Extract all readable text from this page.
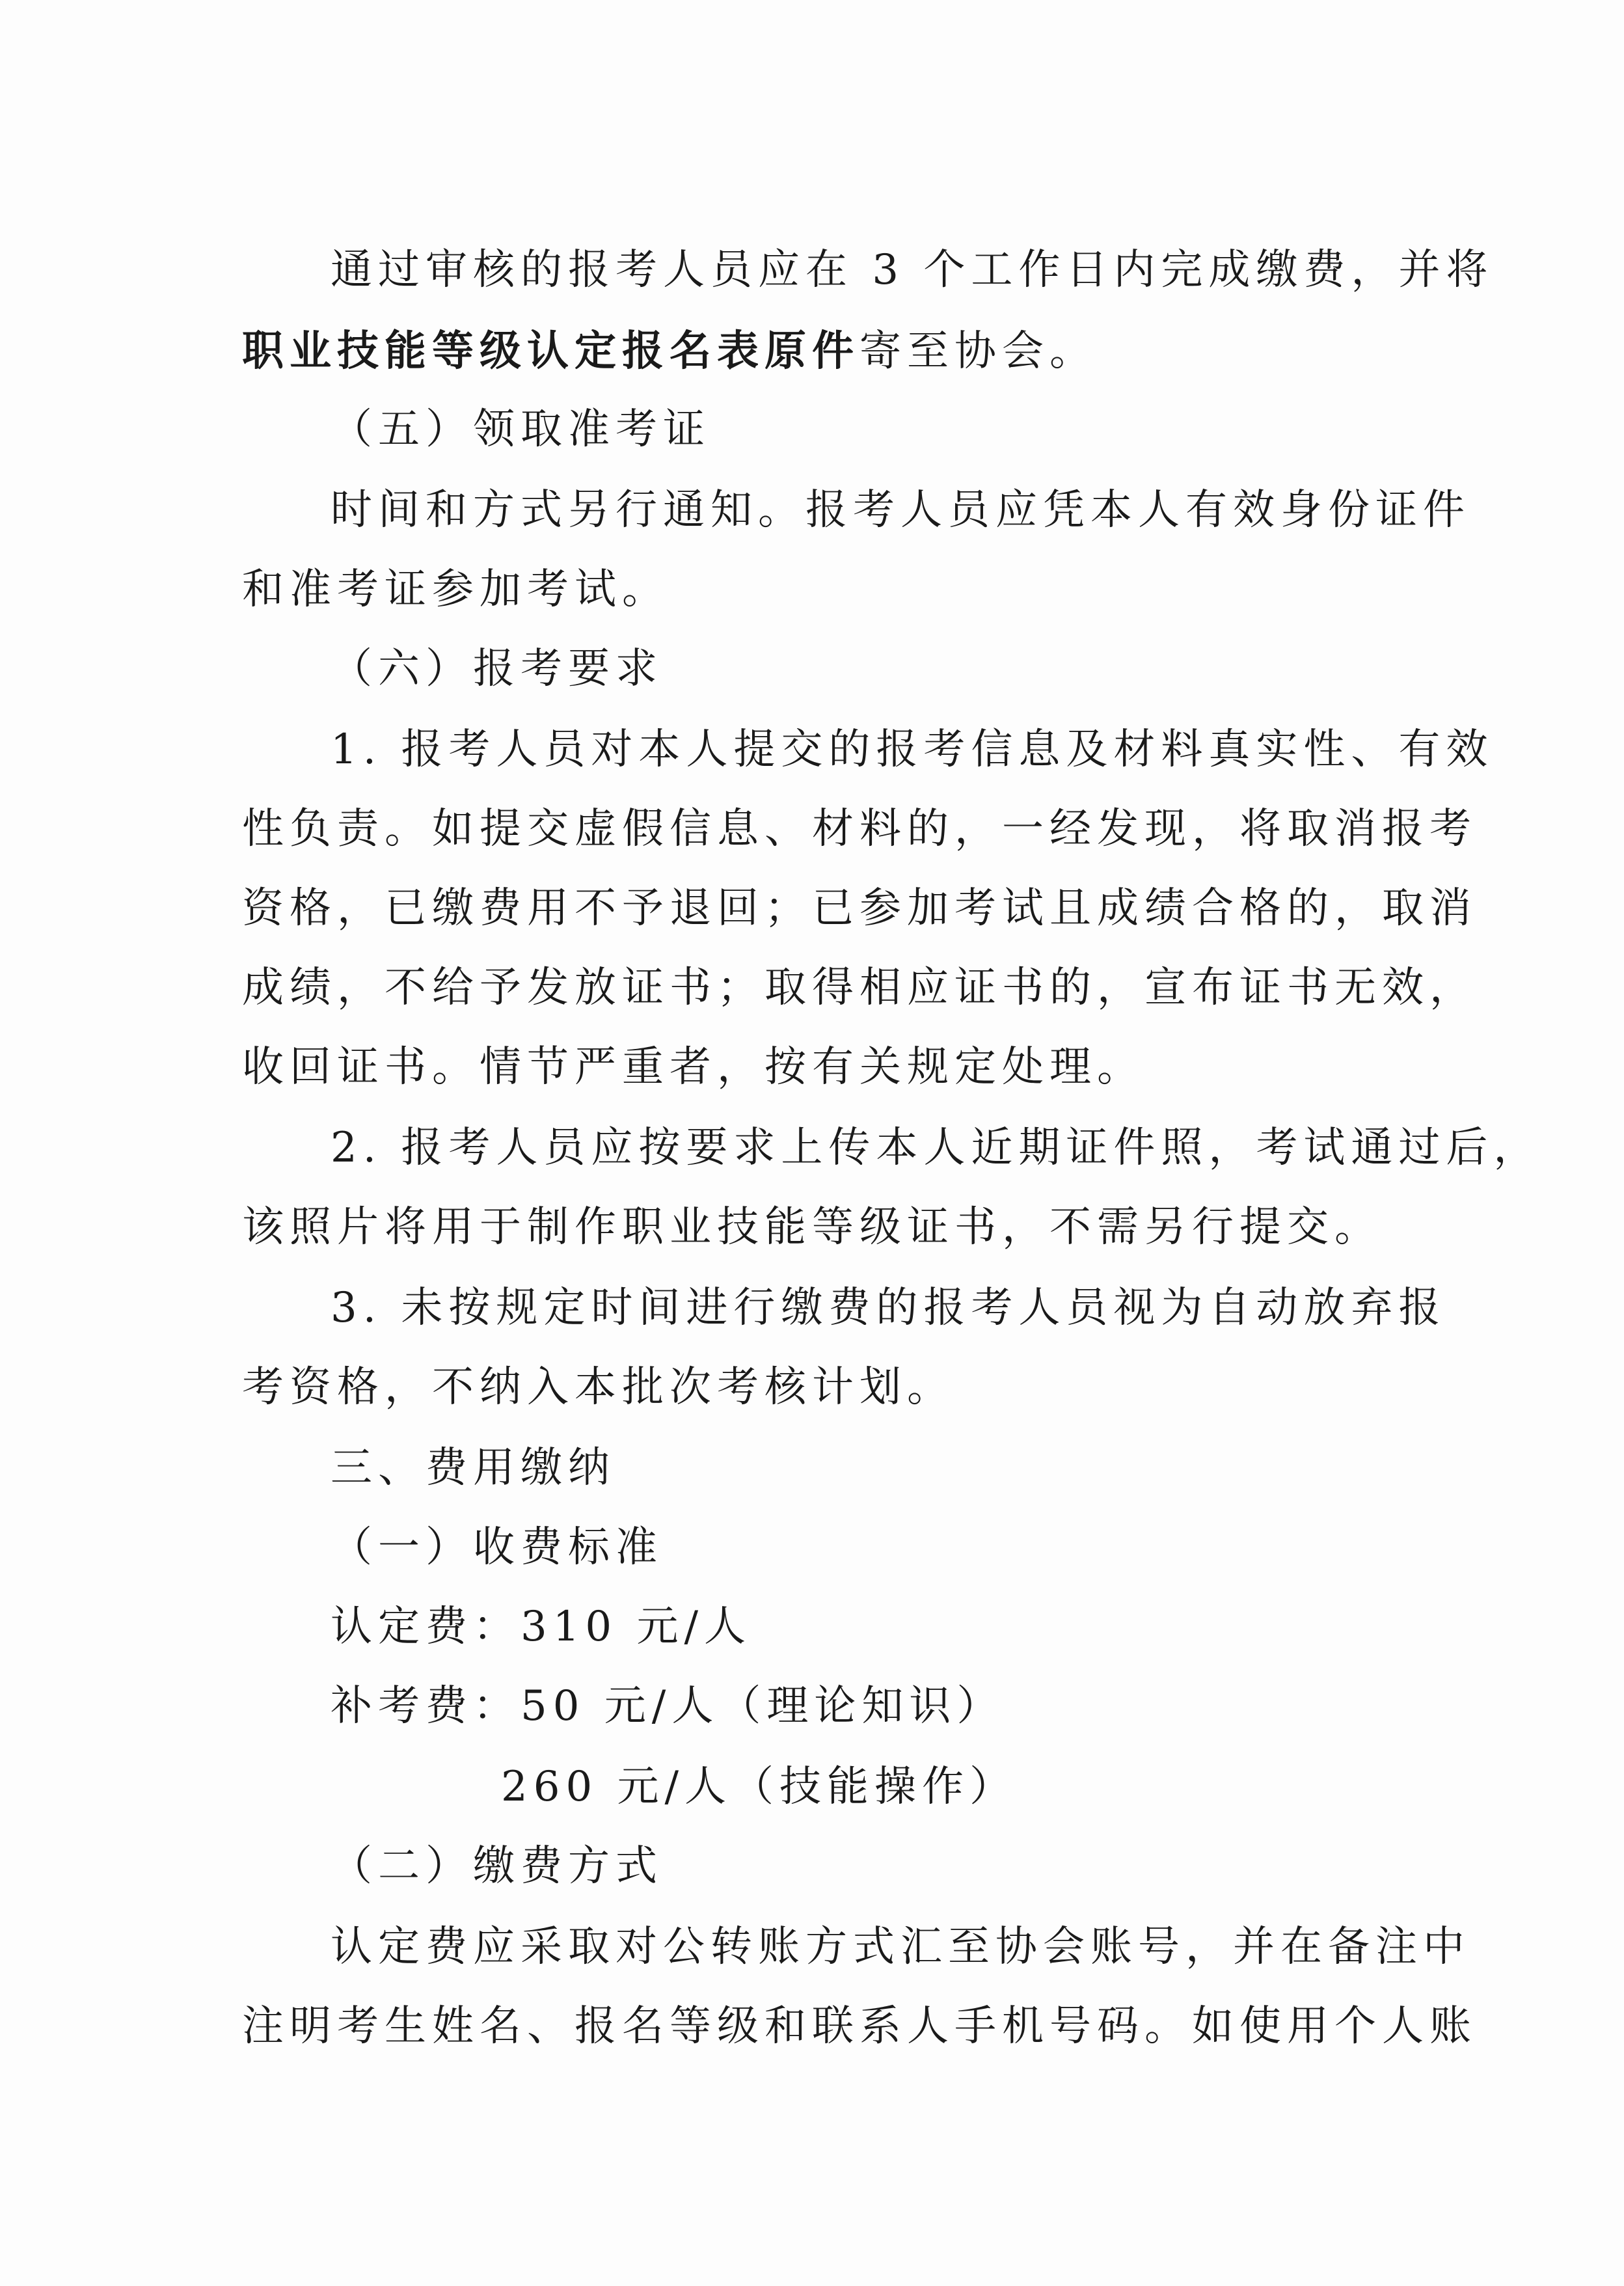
通过审核的报考人员应在 3 个工作日内完成缴费，并将
职业技能等级认定报名表原件寄至协会。
（五）领取准考证
时间和方式另行通知。报考人员应凭本人有效身份证件
和准考证参加考试。
（六）报考要求
1. 报考人员对本人提交的报考信息及材料真实性、有效
性负责。如提交虚假信息、材料的，一经发现，将取消报考
资格，已缴费用不予退回；已参加考试且成绩合格的，取消
成绩，不给予发放证书；取得相应证书的，宣布证书无效，
收回证书。情节严重者，按有关规定处理。
2. 报考人员应按要求上传本人近期证件照，考试通过后，
该照片将用于制作职业技能等级证书，不需另行提交。
3. 未按规定时间进行缴费的报考人员视为自动放弃报
考资格，不纳入本批次考核计划。
三、费用缴纳
（一）收费标准
认定费：310 元/人
补考费：50 元/人（理论知识）
260 元/人（技能操作）
（二）缴费方式
认定费应采取对公转账方式汇至协会账号，并在备注中
注明考生姓名、报名等级和联系人手机号码。如使用个人账
